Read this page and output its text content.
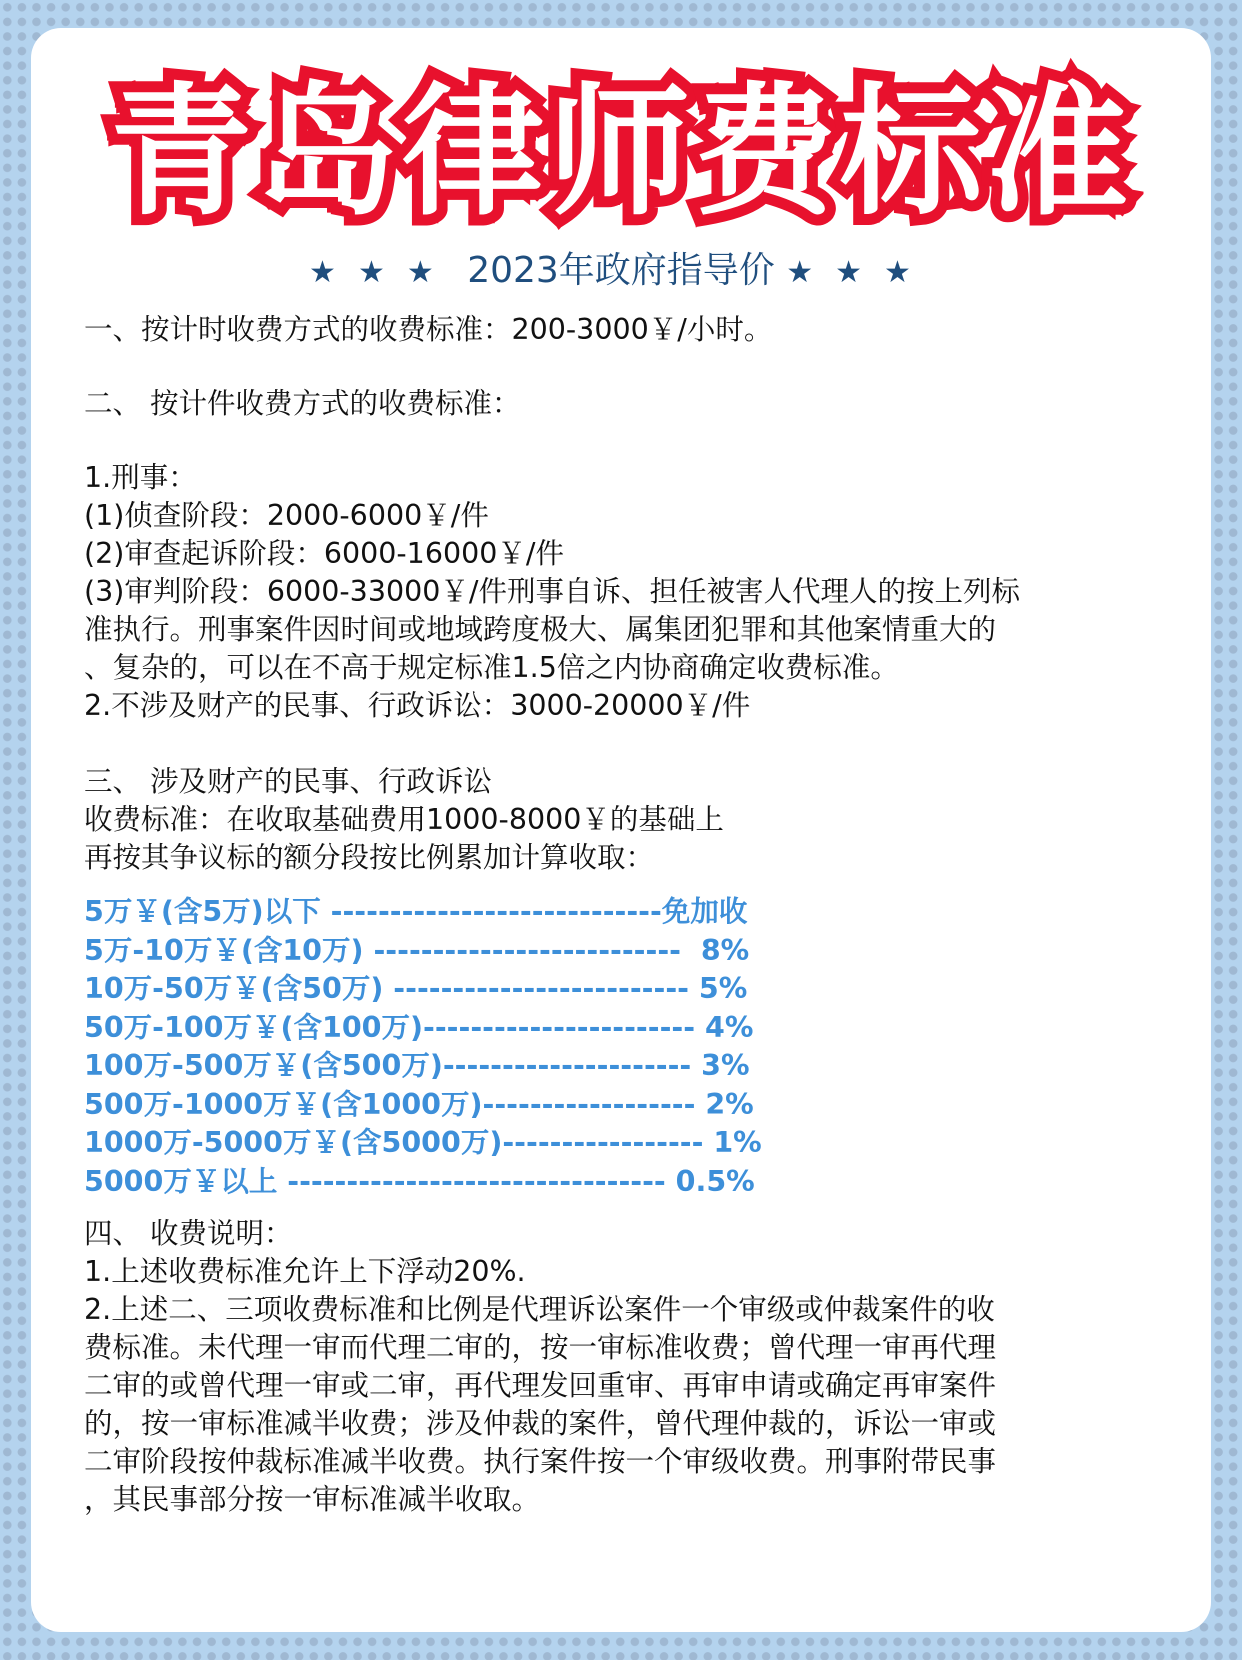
青岛律师费标准
★★★ 2023年政府指导价 ★★★
一、按计时收费方式的收费标准：200-3000￥/小时。
二、 按计件收费方式的收费标准：
1.刑事：
(1)侦查阶段：2000-6000￥/件
(2)审查起诉阶段：6000-16000￥/件
(3)审判阶段：6000-33000￥/件刑事自诉、担任被害人代理人的按上列标
准执行。刑事案件因时间或地域跨度极大、属集团犯罪和其他案情重大的
、复杂的，可以在不高于规定标准1.5倍之内协商确定收费标准。
2.不涉及财产的民事、行政诉讼：3000-20000￥/件
三、 涉及财产的民事、行政诉讼
收费标准：在收取基础费用1000-8000￥的基础上
再按其争议标的额分段按比例累加计算收取：
5万￥(含5万)以下 ----------------------------免加收
5万-10万￥(含10万) --------------------------  8%
10万-50万￥(含50万) ------------------------- 5%
50万-100万￥(含100万)----------------------- 4%
100万-500万￥(含500万)--------------------- 3%
500万-1000万￥(含1000万)------------------ 2%
1000万-5000万￥(含5000万)----------------- 1%
5000万￥以上 -------------------------------- 0.5%
四、 收费说明：
1.上述收费标准允许上下浮动20%.
2.上述二、三项收费标准和比例是代理诉讼案件一个审级或仲裁案件的收
费标准。未代理一审而代理二审的，按一审标准收费；曾代理一审再代理
二审的或曾代理一审或二审，再代理发回重审、再审申请或确定再审案件
的，按一审标准减半收费；涉及仲裁的案件，曾代理仲裁的，诉讼一审或
二审阶段按仲裁标准减半收费。执行案件按一个审级收费。刑事附带民事
，其民事部分按一审标准减半收取。
